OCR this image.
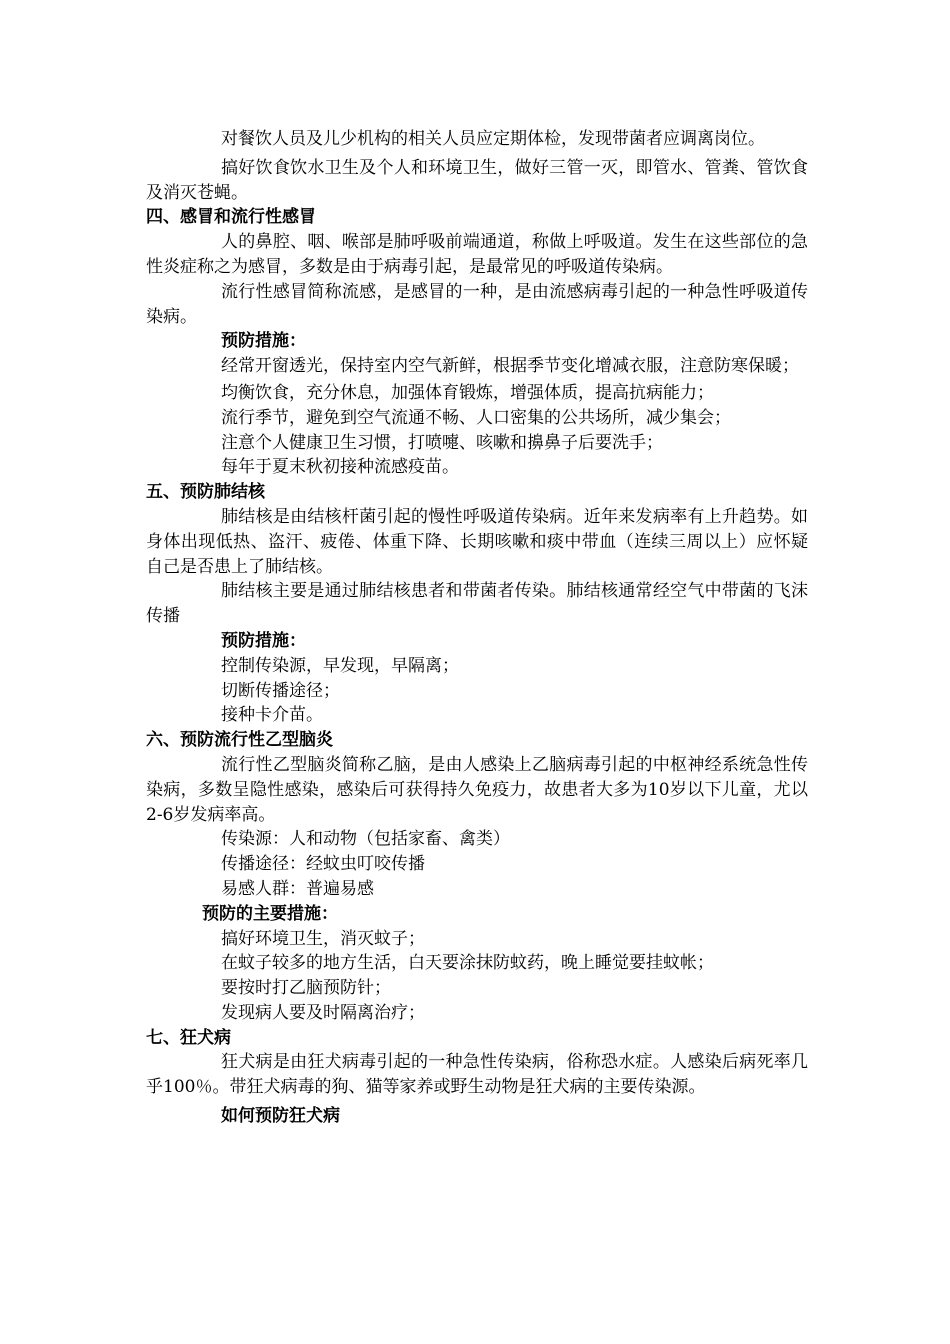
对餐饮人员及儿少机构的相关人员应定期体检，发现带菌者应调离岗位。

搞好饮食饮水卫生及个人和环境卫生，做好三管一灭，即管水、管粪、管饮食及消灭苍蝇。

四、感冒和流行性感冒

人的鼻腔、咽、喉部是肺呼吸前端通道，称做上呼吸道。发生在这些部位的急性炎症称之为感冒，多数是由于病毒引起，是最常见的呼吸道传染病。

流行性感冒简称流感，是感冒的一种，是由流感病毒引起的一种急性呼吸道传染病。

预防措施：

经常开窗透光，保持室内空气新鲜，根据季节变化增减衣服，注意防寒保暖；

均衡饮食，充分休息，加强体育锻炼，增强体质，提高抗病能力；

流行季节，避免到空气流通不畅、人口密集的公共场所，减少集会；

注意个人健康卫生习惯，打喷嚏、咳嗽和擤鼻子后要洗手；

每年于夏末秋初接种流感疫苗。

五、预防肺结核

肺结核是由结核杆菌引起的慢性呼吸道传染病。近年来发病率有上升趋势。如身体出现低热、盗汗、疲倦、体重下降、长期咳嗽和痰中带血（连续三周以上）应怀疑自己是否患上了肺结核。

肺结核主要是通过肺结核患者和带菌者传染。肺结核通常经空气中带菌的飞沫传播

预防措施：

控制传染源，早发现，早隔离；

切断传播途径；

接种卡介苗。

六、预防流行性乙型脑炎

流行性乙型脑炎简称乙脑，是由人感染上乙脑病毒引起的中枢神经系统急性传染病，多数呈隐性感染，感染后可获得持久免疫力，故患者大多为10岁以下儿童，尤以2-6岁发病率高。

传染源：人和动物（包括家畜、禽类）

传播途径：经蚊虫叮咬传播

易感人群：普遍易感

预防的主要措施：

搞好环境卫生，消灭蚊子；

在蚊子较多的地方生活，白天要涂抹防蚊药，晚上睡觉要挂蚊帐；

要按时打乙脑预防针；

发现病人要及时隔离治疗；

七、狂犬病

狂犬病是由狂犬病毒引起的一种急性传染病，俗称恐水症。人感染后病死率几乎100％。带狂犬病毒的狗、猫等家养或野生动物是狂犬病的主要传染源。

如何预防狂犬病
